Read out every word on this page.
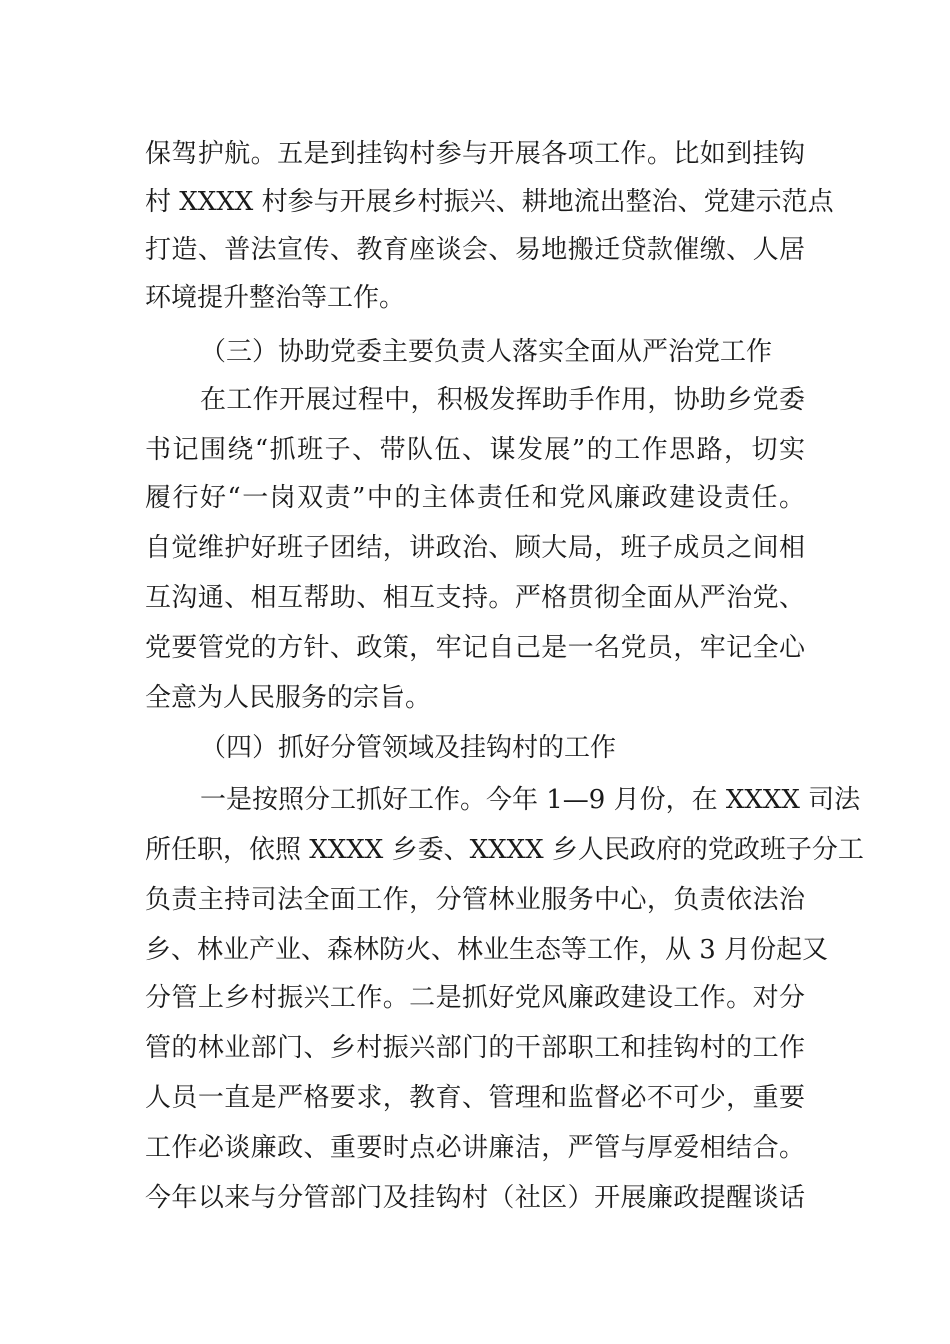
保驾护航。五是到挂钩村参与开展各项工作。比如到挂钩
村 XXXX 村参与开展乡村振兴、耕地流出整治、党建示范点
打造、普法宣传、教育座谈会、易地搬迁贷款催缴、人居
环境提升整治等工作。
（三）协助党委主要负责人落实全面从严治党工作
在工作开展过程中，积极发挥助手作用，协助乡党委
书记围绕“抓班子、带队伍、谋发展”的工作思路，切实
履行好“一岗双责”中的主体责任和党风廉政建设责任。
自觉维护好班子团结，讲政治、顾大局，班子成员之间相
互沟通、相互帮助、相互支持。严格贯彻全面从严治党、
党要管党的方针、政策，牢记自己是一名党员，牢记全心
全意为人民服务的宗旨。
（四）抓好分管领域及挂钩村的工作
一是按照分工抓好工作。今年 1—9 月份，在 XXXX 司法
所任职，依照 XXXX 乡委、XXXX 乡人民政府的党政班子分工
负责主持司法全面工作，分管林业服务中心，负责依法治
乡、林业产业、森林防火、林业生态等工作，从 3 月份起又
分管上乡村振兴工作。二是抓好党风廉政建设工作。对分
管的林业部门、乡村振兴部门的干部职工和挂钩村的工作
人员一直是严格要求，教育、管理和监督必不可少，重要
工作必谈廉政、重要时点必讲廉洁，严管与厚爱相结合。
今年以来与分管部门及挂钩村（社区）开展廉政提醒谈话
